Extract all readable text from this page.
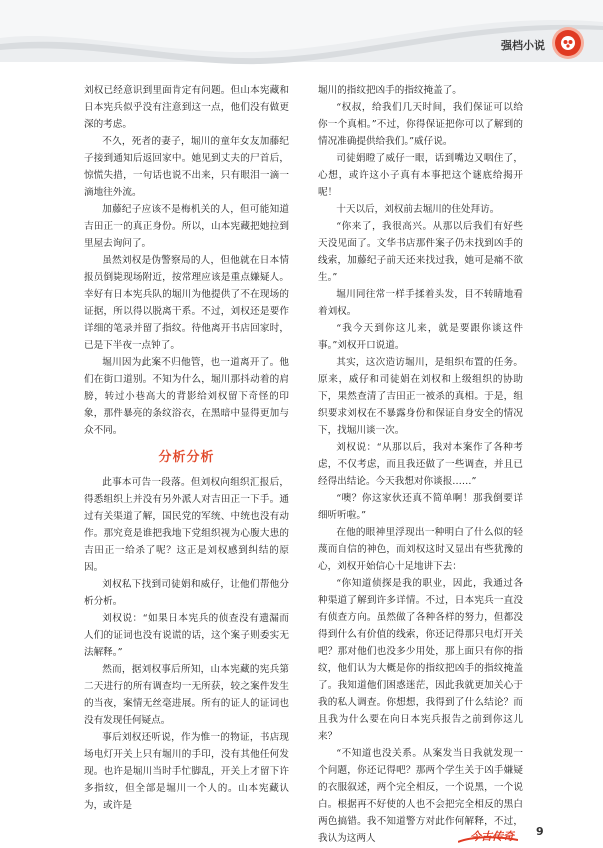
强档小说

刘权已经意识到里面肯定有问题。但山本宪藏和日本宪兵似乎没有注意到这一点，他们没有做更深的考虑。

不久，死者的妻子，堀川的童年女友加藤纪子接到通知后返回家中。她见到丈夫的尸首后，惊慌失措，一句话也说不出来，只有眼泪一滴一滴地往外流。

加藤纪子应该不是梅机关的人，但可能知道吉田正一的真正身份。所以，山本宪藏把她拉到里屋去询问了。

虽然刘权是伪警察局的人，但他就在日本情报员倒毙现场附近，按常理应该是重点嫌疑人。幸好有日本宪兵队的堀川为他提供了不在现场的证据，所以得以脱离干系。不过，刘权还是要作详细的笔录并留了指纹。待他离开书店回家时，已是下半夜一点钟了。

堀川因为此案不归他管，也一道离开了。他们在街口道别。不知为什么，堀川那抖动着的肩膀，转过小巷高大的背影给刘权留下奇怪的印象，那件暴亮的条纹浴衣，在黑暗中显得更加与众不同。

分析分析

此事本可告一段落。但刘权向组织汇报后，得悉组织上并没有另外派人对吉田正一下手。通过有关渠道了解，国民党的军统、中统也没有动作。那究竟是谁把我地下党组织视为心腹大患的吉田正一给杀了呢？这正是刘权感到纠结的原因。

刘权私下找到司徒娟和威仔，让他们帮他分析分析。

刘权说：“如果日本宪兵的侦查没有遗漏而人们的证词也没有说谎的话，这个案子则委实无法解释。”

然而，据刘权事后所知，山本宪藏的宪兵第二天进行的所有调查均一无所获，较之案件发生的当夜，案情无丝毫进展。所有的证人的证词也没有发现任何疑点。

事后刘权还听说，作为惟一的物证，书店现场电灯开关上只有堀川的手印，没有其他任何发现。也许是堀川当时手忙脚乱，开关上才留下许多指纹，但全部是堀川一个人的。山本宪藏认为，或许是

堀川的指纹把凶手的指纹掩盖了。

“权叔，给我们几天时间，我们保证可以给你一个真相。”不过，你得保证把你可以了解到的情况准确提供给我们。”威仔说。

司徒娟瞪了威仔一眼，话到嘴边又咽住了，心想，或许这小子真有本事把这个谜底给揭开呢！

十天以后，刘权前去堀川的住处拜访。

“你来了，我很高兴。从那以后我们有好些天没见面了。文华书店那件案子仍未找到凶手的线索，加藤纪子前天还来找过我，她可是痛不欲生。”

堀川同往常一样手揉着头发，目不转睛地看着刘权。

“我今天到你这儿来，就是要跟你谈这件事。”刘权开口说道。

其实，这次造访堀川，是组织布置的任务。原来，威仔和司徒娟在刘权和上级组织的协助下，果然查清了吉田正一被杀的真相。于是，组织要求刘权在不暴露身份和保证自身安全的情况下，找堀川谈一次。

刘权说：“从那以后，我对本案作了各种考虑，不仅考虑，而且我还做了一些调查，并且已经得出结论。今天我想对你谈报……”

“噢？你这家伙还真不简单啊！那我倒要详细听听啦。”

在他的眼神里浮现出一种明白了什么似的轻蔑而自信的神色，而刘权这时又显出有些犹豫的心，刘权开始信心十足地讲下去：

“你知道侦探是我的职业，因此，我通过各种渠道了解到许多详情。不过，日本宪兵一直没有侦查方向。虽然做了各种各样的努力，但都没得到什么有价值的线索，你还记得那只电灯开关吧？那对他们也没多少用处，那上面只有你的指纹，他们认为大概是你的指纹把凶手的指纹掩盖了。我知道他们困惑迷茫，因此我就更加关心于我的私人调查。你想想，我得到了什么结论？而且我为什么要在向日本宪兵报告之前到你这儿来？

“不知道也没关系。从案发当日我就发现一个问题，你还记得吧？那两个学生关于凶手嫌疑的衣服叙述，两个完全相反，一个说黑，一个说白。根据再不好使的人也不会把完全相反的黑白两色搞错。我不知道警方对此作何解释，不过，我认为这两人	今古传奇 9
